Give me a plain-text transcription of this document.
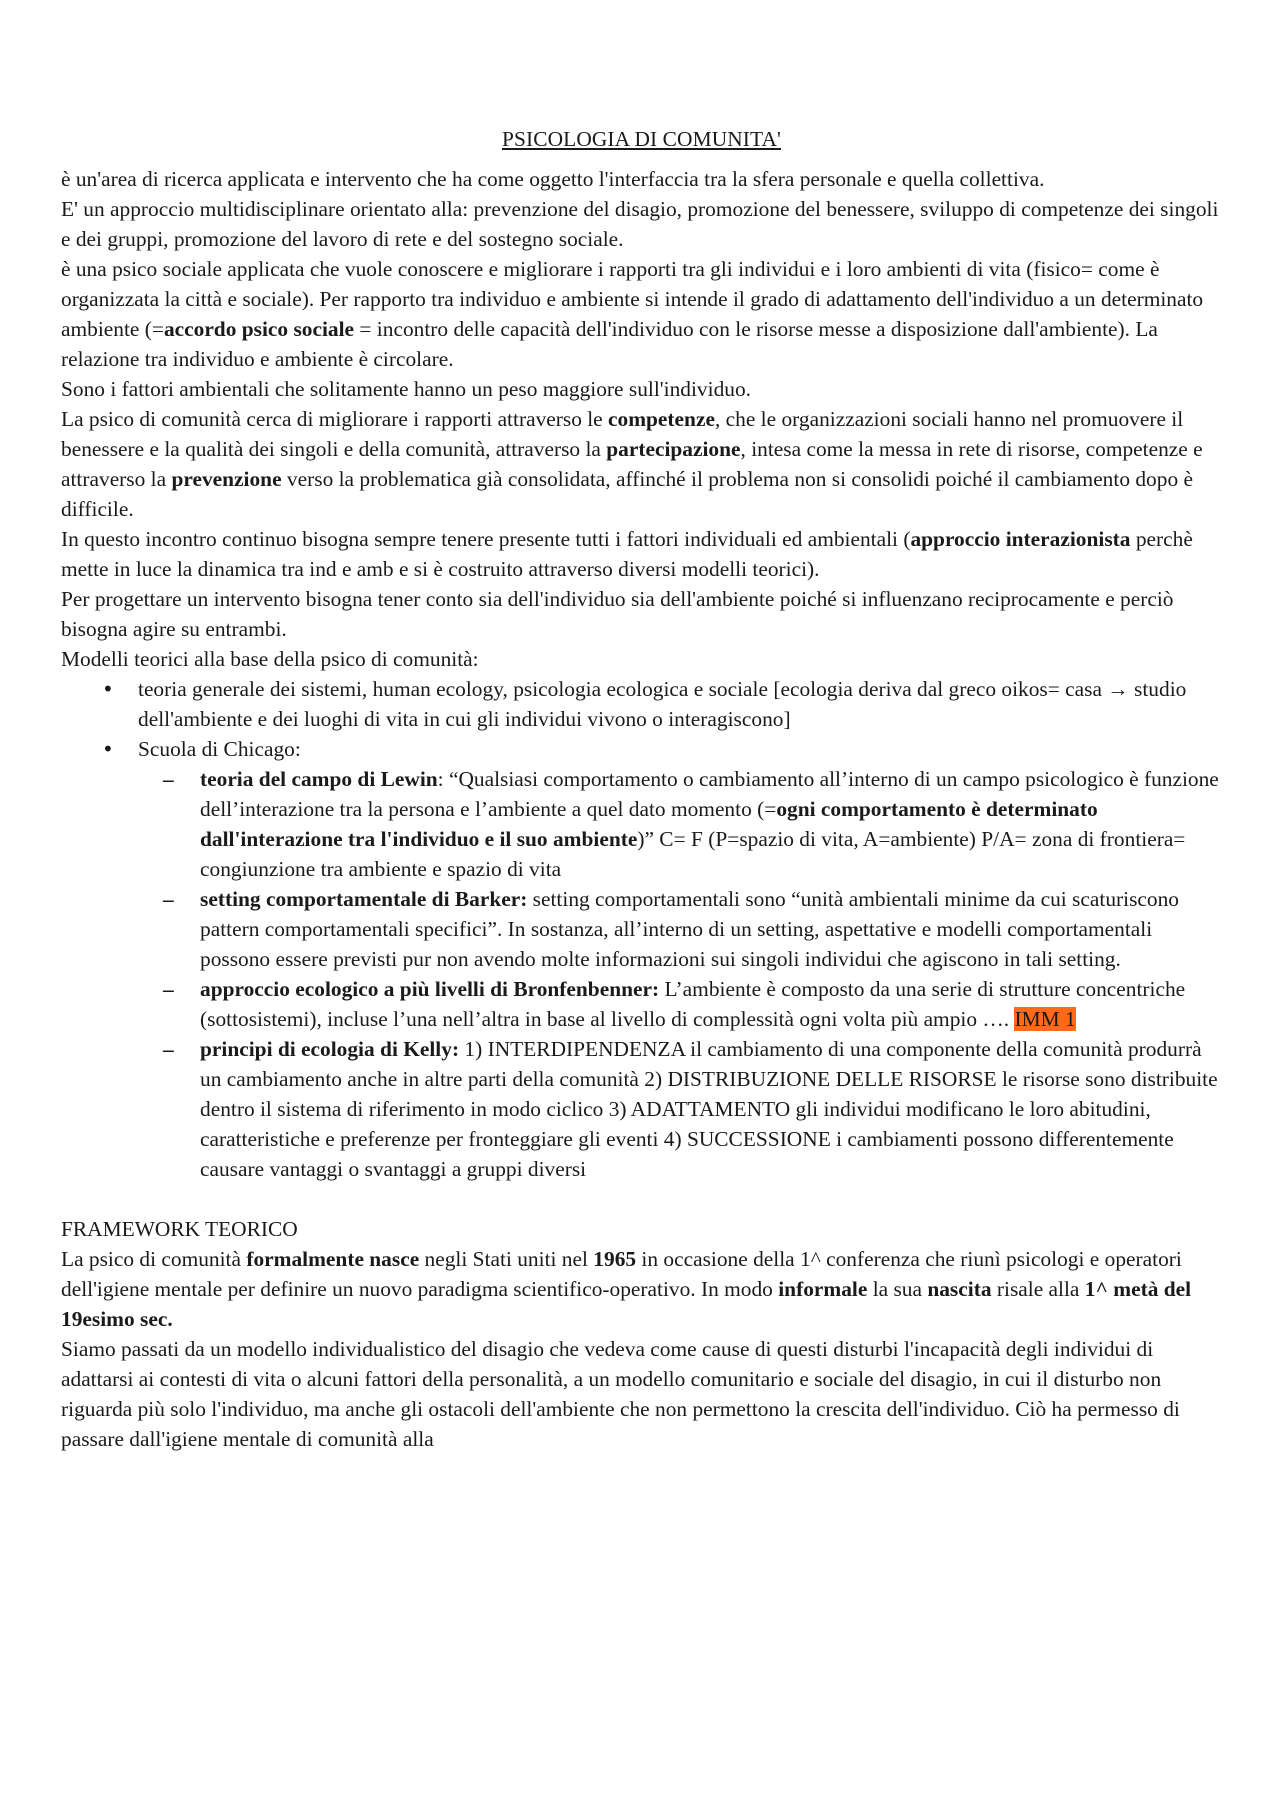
PSICOLOGIA DI COMUNITA'

è un'area di ricerca applicata e intervento che ha come oggetto l'interfaccia tra la sfera personale e quella collettiva.

E' un approccio multidisciplinare orientato alla: prevenzione del disagio, promozione del benessere, sviluppo di competenze dei singoli e dei gruppi, promozione del lavoro di rete e del sostegno sociale.

è una psico sociale applicata che vuole conoscere e migliorare i rapporti tra gli individui e i loro ambienti di vita (fisico= come è organizzata la città e sociale). Per rapporto tra individuo e ambiente si intende il grado di adattamento dell'individuo a un determinato ambiente (=accordo psico sociale = incontro delle capacità dell'individuo con le risorse messe a disposizione dall'ambiente). La relazione tra individuo e ambiente è circolare.

Sono i fattori ambientali che solitamente hanno un peso maggiore sull'individuo.

La psico di comunità cerca di migliorare i rapporti attraverso le competenze, che le organizzazioni sociali hanno nel promuovere il benessere e la qualità dei singoli e della comunità, attraverso la partecipazione, intesa come la messa in rete di risorse, competenze e attraverso la prevenzione verso la problematica già consolidata, affinché il problema non si consolidi poiché il cambiamento dopo è difficile.

In questo incontro continuo bisogna sempre tenere presente tutti i fattori individuali ed ambientali (approccio interazionista perchè mette in luce la dinamica tra ind e amb e si è costruito attraverso diversi modelli teorici).

Per progettare un intervento bisogna tener conto sia dell'individuo sia dell'ambiente poiché si influenzano reciprocamente e perciò bisogna agire su entrambi.

Modelli teorici alla base della psico di comunità:

• teoria generale dei sistemi, human ecology, psicologia ecologica e sociale [ecologia deriva dal greco oikos= casa → studio dell'ambiente e dei luoghi di vita in cui gli individui vivono o interagiscono]
• Scuola di Chicago:
– teoria del campo di Lewin: “Qualsiasi comportamento o cambiamento all’interno di un campo psicologico è funzione dell’interazione tra la persona e l’ambiente a quel dato momento (=ogni comportamento è determinato dall'interazione tra l'individuo e il suo ambiente)” C= F (P=spazio di vita, A=ambiente) P/A= zona di frontiera= congiunzione tra ambiente e spazio di vita
– setting comportamentale di Barker: setting comportamentali sono “unità ambientali minime da cui scaturiscono pattern comportamentali specifici”. In sostanza, all’interno di un setting, aspettative e modelli comportamentali possono essere previsti pur non avendo molte informazioni sui singoli individui che agiscono in tali setting.
– approccio ecologico a più livelli di Bronfenbenner: L’ambiente è composto da una serie di strutture concentriche (sottosistemi), incluse l’una nell’altra in base al livello di complessità ogni volta più ampio …. IMM 1
– principi di ecologia di Kelly: 1) INTERDIPENDENZA il cambiamento di una componente della comunità produrrà un cambiamento anche in altre parti della comunità 2) DISTRIBUZIONE DELLE RISORSE le risorse sono distribuite dentro il sistema di riferimento in modo ciclico 3) ADATTAMENTO gli individui modificano le loro abitudini, caratteristiche e preferenze per fronteggiare gli eventi 4) SUCCESSIONE i cambiamenti possono differentemente causare vantaggi o svantaggi a gruppi diversi

FRAMEWORK TEORICO

La psico di comunità formalmente nasce negli Stati uniti nel 1965 in occasione della 1^ conferenza che riunì psicologi e operatori dell'igiene mentale per definire un nuovo paradigma scientifico-operativo. In modo informale la sua nascita risale alla 1^ metà del 19esimo sec.

Siamo passati da un modello individualistico del disagio che vedeva come cause di questi disturbi l'incapacità degli individui di adattarsi ai contesti di vita o alcuni fattori della personalità, a un modello comunitario e sociale del disagio, in cui il disturbo non riguarda più solo l'individuo, ma anche gli ostacoli dell'ambiente che non permettono la crescita dell'individuo. Ciò ha permesso di passare dall'igiene mentale di comunità alla
